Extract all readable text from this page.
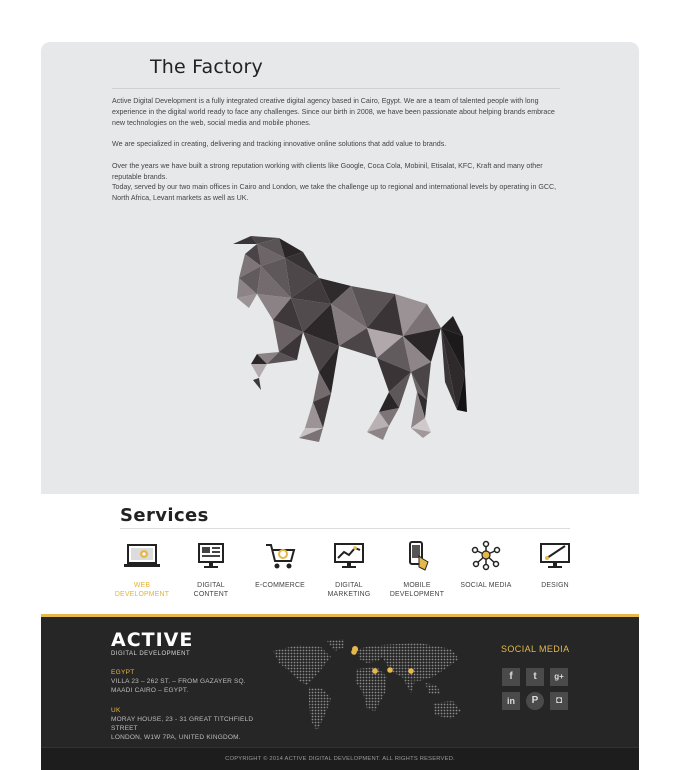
The Factory

Active Digital Development is a fully integrated creative digital agency based in Cairo, Egypt. We are a team of talented people with long experience in the digital world ready to face any challenges. Since our birth in 2008, we have been passionate about helping brands embrace new technologies on the web, social media and mobile phones.

We are specialized in creating, delivering and tracking innovative online solutions that add value to brands.

Over the years we have built a strong reputation working with clients like Google, Coca Cola, Mobinil, Etisalat, KFC, Kraft and many other reputable brands.

Today, served by our two main offices in Cairo and London, we take the challenge up to regional and international levels by operating in GCC, North Africa, Levant markets as well as UK.

Services
WEB
DEVELOPMENT
DIGITAL
CONTENT
E-COMMERCE	DIGITAL
MARKETING
MOBILE
DEVELOPMENT
SOCIAL MEDIA	DESIGN

ACTIVE
DIGITAL DEVELOPMENT
EGYPT
VILLA 23 – 262 ST. – FROM GAZAYER SQ.
MAADI CAIRO – EGYPT.
UK
MORAY HOUSE, 23 - 31 GREAT TITCHFIELD STREET
LONDON, W1W 7PA, UNITED KINGDOM.
SOCIAL MEDIA
f	t	g+
in	P	◘
COPYRIGHT © 2014 ACTIVE DIGITAL DEVELOPMENT. ALL RIGHTS RESERVED.
